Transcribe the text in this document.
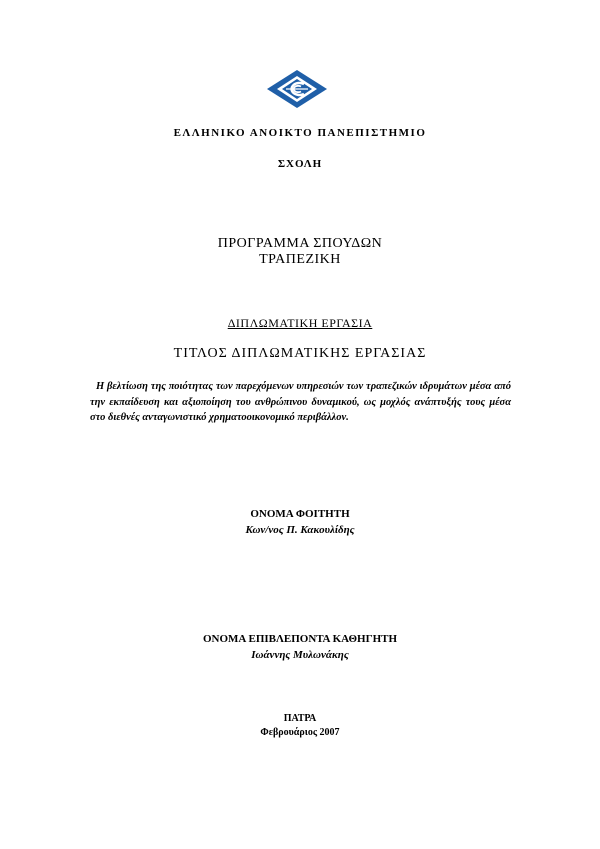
ΕΛΛΗΝΙΚΟ ΑΝΟΙΚΤΟ ΠΑΝΕΠΙΣΤΗΜΙΟ
ΣΧΟΛΗ
ΠΡΟΓΡΑΜΜΑ ΣΠΟΥΔΩΝ
ΤΡΑΠΕΖΙΚΗ
ΔΙΠΛΩΜΑΤΙΚΗ ΕΡΓΑΣΙΑ
ΤΙΤΛΟΣ ΔΙΠΛΩΜΑΤΙΚΗΣ ΕΡΓΑΣΙΑΣ
Η βελτίωση της ποιότητας των παρεχόμενων υπηρεσιών των τραπεζικών ιδρυμάτων μέσα από την εκπαίδευση και αξιοποίηση του ανθρώπινου δυναμικού, ως μοχλός ανάπτυξής τους μέσα στο διεθνές ανταγωνιστικό χρηματοοικονομικό περιβάλλον.
ΟΝΟΜΑ ΦΟΙΤΗΤΗ
Κων/νος Π. Κακουλίδης
ΟΝΟΜΑ ΕΠΙΒΛΕΠΟΝΤΑ ΚΑΘΗΓΗΤΗ
Ιωάννης Μυλωνάκης
ΠΑΤΡΑ
Φεβρουάριος 2007
